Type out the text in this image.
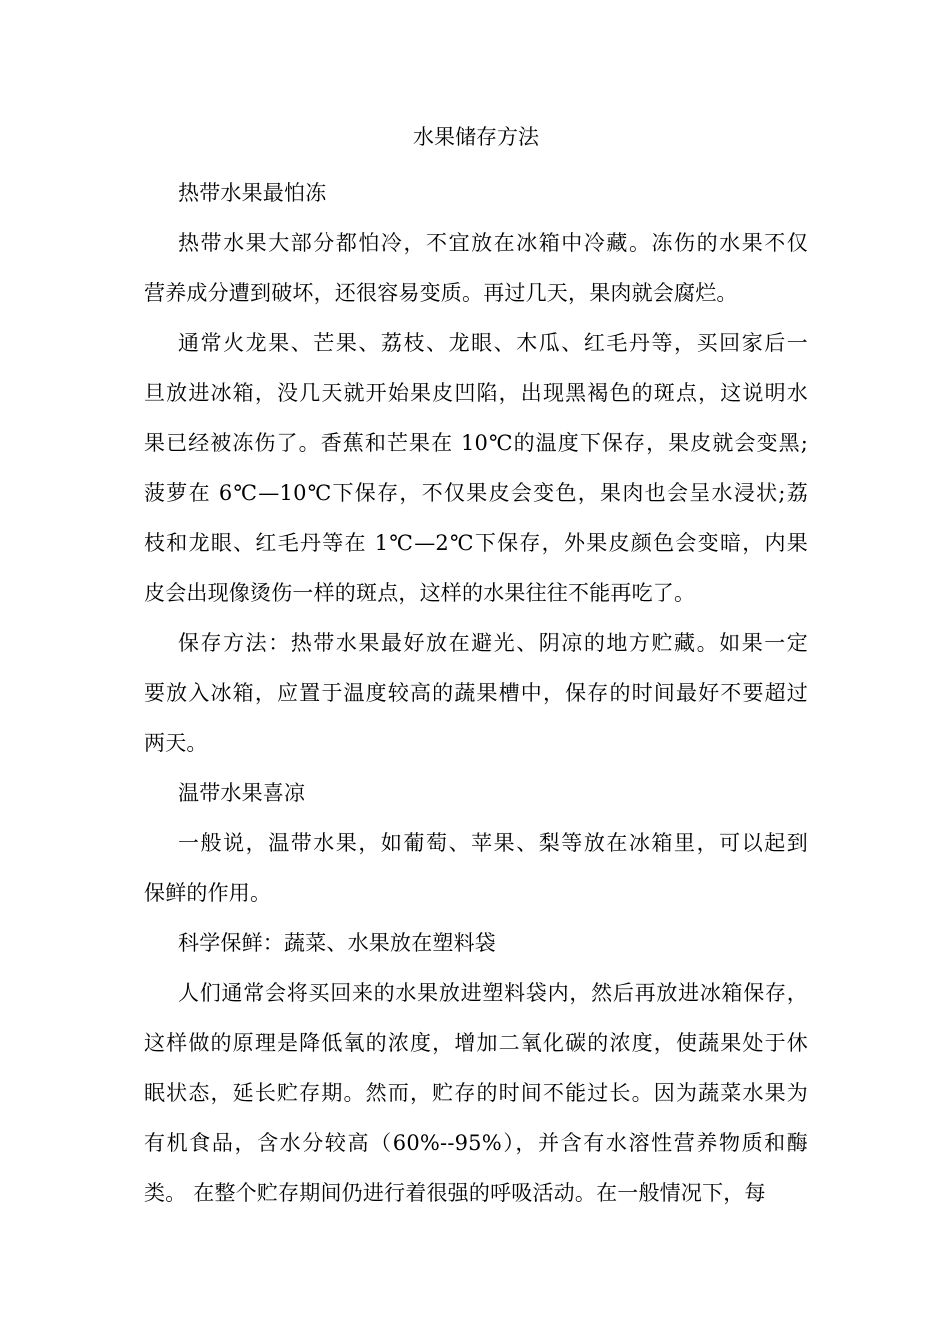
水果储存方法
热带水果最怕冻
热带水果大部分都怕冷，不宜放在冰箱中冷藏。冻伤的水果不仅
营养成分遭到破坏，还很容易变质。再过几天，果肉就会腐烂。
通常火龙果、芒果、荔枝、龙眼、木瓜、红毛丹等，买回家后一
旦放进冰箱，没几天就开始果皮凹陷，出现黑褐色的斑点，这说明水
果已经被冻伤了。香蕉和芒果在 10℃的温度下保存，果皮就会变黑;
菠萝在 6℃—10℃下保存，不仅果皮会变色，果肉也会呈水浸状;荔
枝和龙眼、红毛丹等在 1℃—2℃下保存，外果皮颜色会变暗，内果
皮会出现像烫伤一样的斑点，这样的水果往往不能再吃了。
保存方法：热带水果最好放在避光、阴凉的地方贮藏。如果一定
要放入冰箱，应置于温度较高的蔬果槽中，保存的时间最好不要超过
两天。
温带水果喜凉
一般说，温带水果，如葡萄、苹果、梨等放在冰箱里，可以起到
保鲜的作用。
科学保鲜：蔬菜、水果放在塑料袋
人们通常会将买回来的水果放进塑料袋内，然后再放进冰箱保存，
这样做的原理是降低氧的浓度，增加二氧化碳的浓度，使蔬果处于休
眠状态，延长贮存期。然而，贮存的时间不能过长。因为蔬菜水果为
有机食品，含水分较高（60%--95%），并含有水溶性营养物质和酶
类。 在整个贮存期间仍进行着很强的呼吸活动。在一般情况下，每
